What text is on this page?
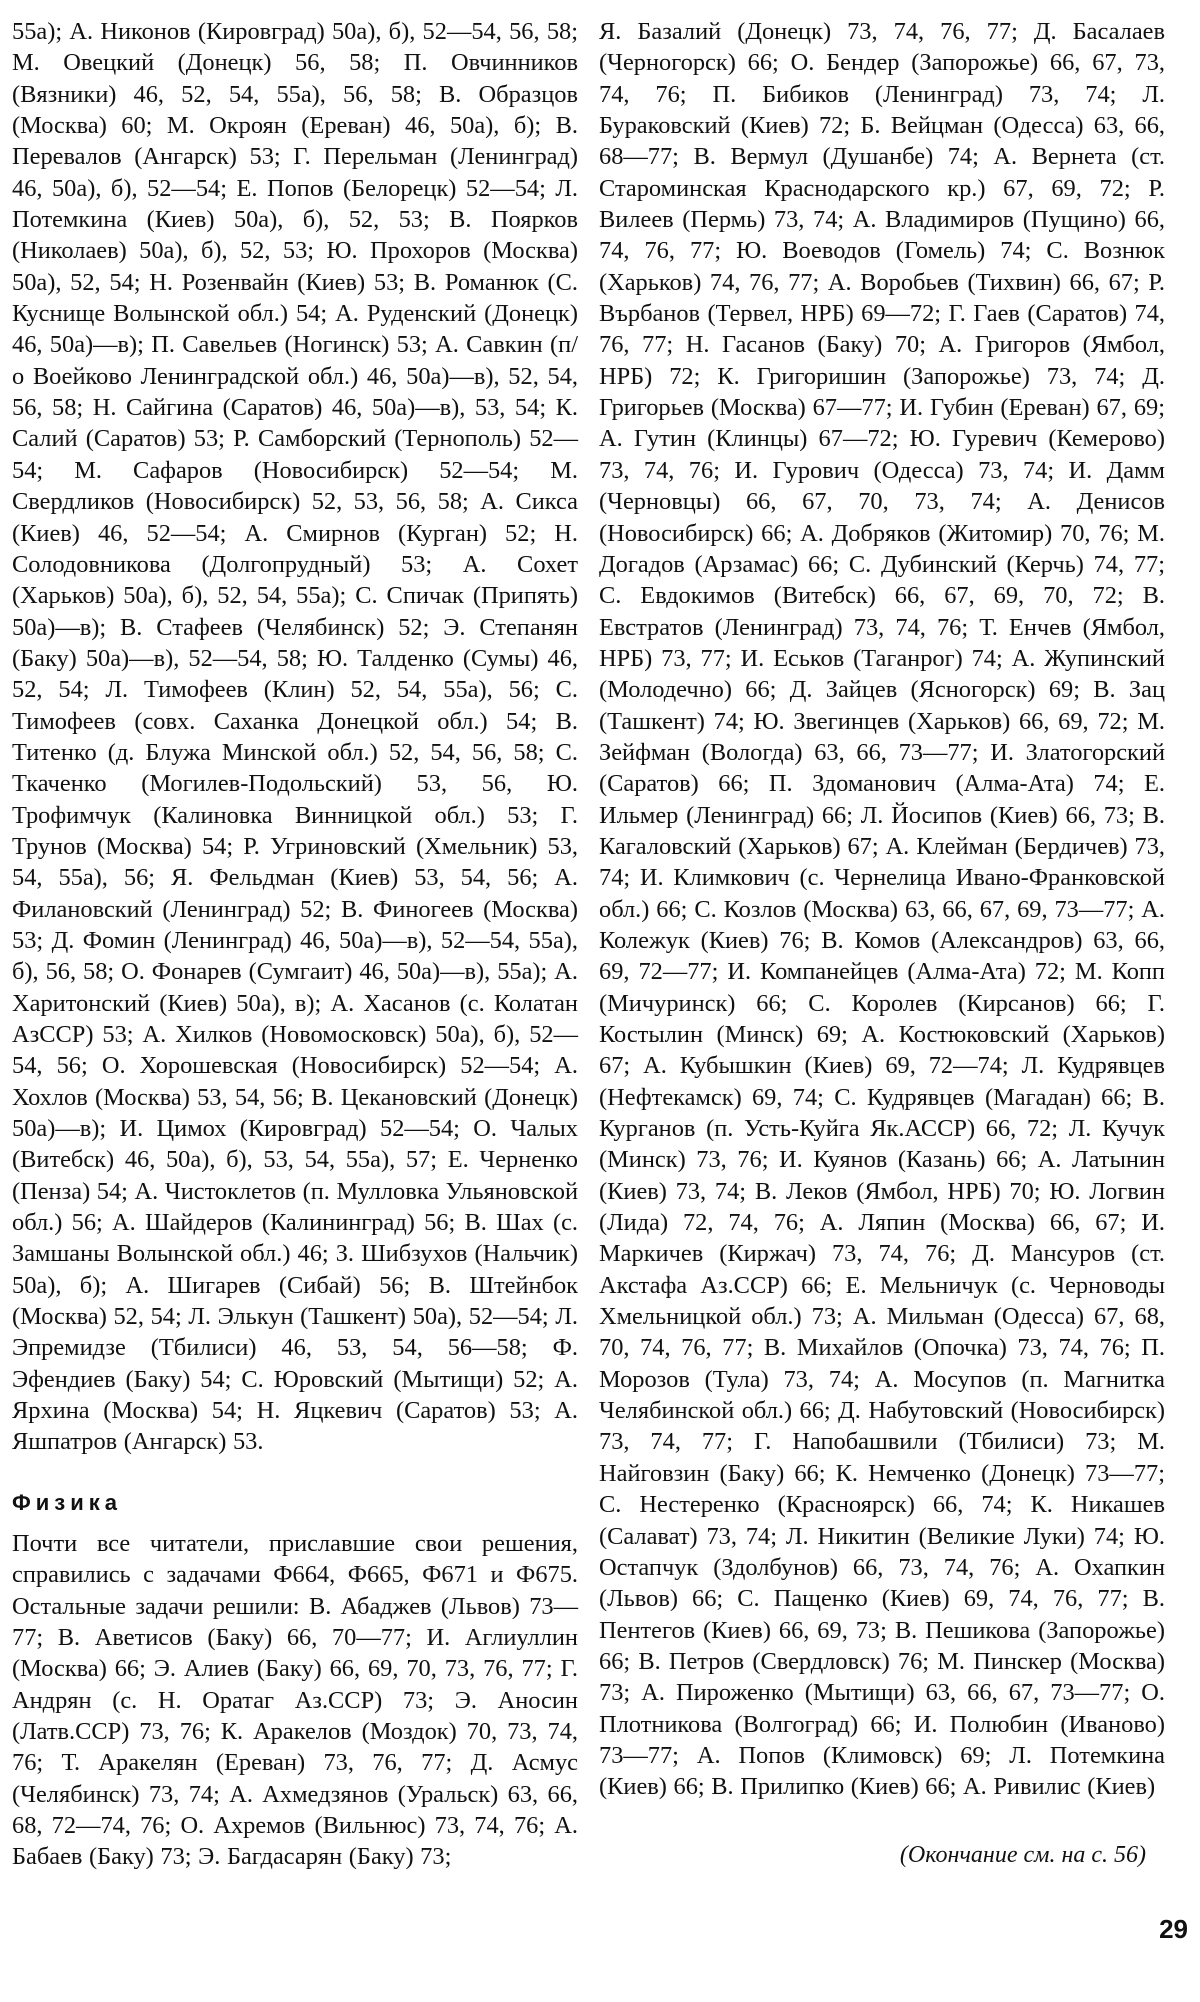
55а); А. Никонов (Кировград) 50а), б), 52—54, 56, 58; М. Овецкий (Донецк) 56, 58; П. Овчинников (Вязники) 46, 52, 54, 55а), 56, 58; В. Образцов (Москва) 60; М. Окроян (Ереван) 46, 50а), б); В. Перевалов (Ангарск) 53; Г. Перельман (Ленинград) 46, 50а), б), 52—54; Е. Попов (Белорецк) 52—54; Л. Потемкина (Киев) 50а), б), 52, 53; В. Поярков (Николаев) 50а), б), 52, 53; Ю. Прохоров (Москва) 50а), 52, 54; Н. Розенвайн (Киев) 53; В. Романюк (С. Куснище Волынской обл.) 54; А. Руденский (Донецк) 46, 50а)—в); П. Савельев (Ногинск) 53; А. Савкин (п/о Воейково Ленинградской обл.) 46, 50а)—в), 52, 54, 56, 58; Н. Сайгина (Саратов) 46, 50а)—в), 53, 54; К. Салий (Саратов) 53; Р. Самборский (Тернополь) 52—54; М. Сафаров (Новосибирск) 52—54; М. Свердликов (Новосибирск) 52, 53, 56, 58; А. Сикса (Киев) 46, 52—54; А. Смирнов (Курган) 52; Н. Солодовникова (Долгопрудный) 53; А. Сохет (Харьков) 50а), б), 52, 54, 55а); С. Спичак (Припять) 50а)—в); В. Стафеев (Челябинск) 52; Э. Степанян (Баку) 50а)—в), 52—54, 58; Ю. Талденко (Сумы) 46, 52, 54; Л. Тимофеев (Клин) 52, 54, 55а), 56; С. Тимофеев (совх. Саханка Донецкой обл.) 54; В. Титенко (д. Блужа Минской обл.) 52, 54, 56, 58; С. Ткаченко (Могилев-Подольский) 53, 56, Ю. Трофимчук (Калиновка Винницкой обл.) 53; Г. Трунов (Москва) 54; Р. Угриновский (Хмельник) 53, 54, 55а), 56; Я. Фельдман (Киев) 53, 54, 56; А. Филановский (Ленинград) 52; В. Финогеев (Москва) 53; Д. Фомин (Ленинград) 46, 50а)—в), 52—54, 55а), б), 56, 58; О. Фонарев (Сумгаит) 46, 50а)—в), 55а); А. Харитонский (Киев) 50а), в); А. Хасанов (с. Колатан АзССР) 53; А. Хилков (Новомосковск) 50а), б), 52—54, 56; О. Хорошевская (Новосибирск) 52—54; А. Хохлов (Москва) 53, 54, 56; В. Цекановский (Донецк) 50а)—в); И. Цимох (Кировград) 52—54; О. Чалых (Витебск) 46, 50а), б), 53, 54, 55а), 57; Е. Черненко (Пенза) 54; А. Чистоклетов (п. Мулловка Ульяновской обл.) 56; А. Шайдеров (Калининград) 56; В. Шах (с. Замшаны Волынской обл.) 46; З. Шибзухов (Нальчик) 50а), б); А. Шигарев (Сибай) 56; В. Штейнбок (Москва) 52, 54; Л. Элькун (Ташкент) 50а), 52—54; Л. Эпремидзе (Тбилиси) 46, 53, 54, 56—58; Ф. Эфендиев (Баку) 54; С. Юровский (Мытищи) 52; А. Ярхина (Москва) 54; Н. Яцкевич (Саратов) 53; А. Яшпатров (Ангарск) 53.

Физика

Почти все читатели, приславшие свои решения, справились с задачами Ф664, Ф665, Ф671 и Ф675. Остальные задачи решили: В. Абаджев (Львов) 73—77; В. Аветисов (Баку) 66, 70—77; И. Аглиуллин (Москва) 66; Э. Алиев (Баку) 66, 69, 70, 73, 76, 77; Г. Андрян (с. Н. Оратаг Аз.ССР) 73; Э. Аносин (Латв.ССР) 73, 76; К. Аракелов (Моздок) 70, 73, 74, 76; Т. Аракелян (Ереван) 73, 76, 77; Д. Асмус (Челябинск) 73, 74; А. Ахмедзянов (Уральск) 63, 66, 68, 72—74, 76; О. Ахремов (Вильнюс) 73, 74, 76; А. Бабаев (Баку) 73; Э. Багдасарян (Баку) 73;

Я. Базалий (Донецк) 73, 74, 76, 77; Д. Басалаев (Черногорск) 66; О. Бендер (Запорожье) 66, 67, 73, 74, 76; П. Бибиков (Ленинград) 73, 74; Л. Бураковский (Киев) 72; Б. Вейцман (Одесса) 63, 66, 68—77; В. Вермул (Душанбе) 74; А. Вернета (ст. Староминская Краснодарского кр.) 67, 69, 72; Р. Вилеев (Пермь) 73, 74; А. Владимиров (Пущино) 66, 74, 76, 77; Ю. Воеводов (Гомель) 74; С. Вознюк (Харьков) 74, 76, 77; А. Воробьев (Тихвин) 66, 67; Р. Върбанов (Тервел, НРБ) 69—72; Г. Гаев (Саратов) 74, 76, 77; Н. Гасанов (Баку) 70; А. Григоров (Ямбол, НРБ) 72; К. Григоришин (Запорожье) 73, 74; Д. Григорьев (Москва) 67—77; И. Губин (Ереван) 67, 69; А. Гутин (Клинцы) 67—72; Ю. Гуревич (Кемерово) 73, 74, 76; И. Гурович (Одесса) 73, 74; И. Дамм (Черновцы) 66, 67, 70, 73, 74; А. Денисов (Новосибирск) 66; А. Добряков (Житомир) 70, 76; М. Догадов (Арзамас) 66; С. Дубинский (Керчь) 74, 77; С. Евдокимов (Витебск) 66, 67, 69, 70, 72; В. Евстратов (Ленинград) 73, 74, 76; Т. Енчев (Ямбол, НРБ) 73, 77; И. Еськов (Таганрог) 74; А. Жупинский (Молодечно) 66; Д. Зайцев (Ясногорск) 69; В. Зац (Ташкент) 74; Ю. Звегинцев (Харьков) 66, 69, 72; М. Зейфман (Вологда) 63, 66, 73—77; И. Златогорский (Саратов) 66; П. Здоманович (Алма-Ата) 74; Е. Ильмер (Ленинград) 66; Л. Йосипов (Киев) 66, 73; В. Кагаловский (Харьков) 67; А. Клейман (Бердичев) 73, 74; И. Климкович (с. Чернелица Ивано-Франковской обл.) 66; С. Козлов (Москва) 63, 66, 67, 69, 73—77; А. Колежук (Киев) 76; В. Комов (Александров) 63, 66, 69, 72—77; И. Компанейцев (Алма-Ата) 72; М. Копп (Мичуринск) 66; С. Королев (Кирсанов) 66; Г. Костылин (Минск) 69; А. Костюковский (Харьков) 67; А. Кубышкин (Киев) 69, 72—74; Л. Кудрявцев (Нефтекамск) 69, 74; С. Кудрявцев (Магадан) 66; В. Курганов (п. Усть-Куйга Як.АССР) 66, 72; Л. Кучук (Минск) 73, 76; И. Куянов (Казань) 66; А. Латынин (Киев) 73, 74; В. Леков (Ямбол, НРБ) 70; Ю. Логвин (Лида) 72, 74, 76; А. Ляпин (Москва) 66, 67; И. Маркичев (Киржач) 73, 74, 76; Д. Мансуров (ст. Акстафа Аз.ССР) 66; Е. Мельничук (с. Черноводы Хмельницкой обл.) 73; А. Мильман (Одесса) 67, 68, 70, 74, 76, 77; В. Михайлов (Опочка) 73, 74, 76; П. Морозов (Тула) 73, 74; А. Мосупов (п. Магнитка Челябинской обл.) 66; Д. Набутовский (Новосибирск) 73, 74, 77; Г. Напобашвили (Тбилиси) 73; М. Найговзин (Баку) 66; К. Немченко (Донецк) 73—77; С. Нестеренко (Красноярск) 66, 74; К. Никашев (Салават) 73, 74; Л. Никитин (Великие Луки) 74; Ю. Остапчук (Здолбунов) 66, 73, 74, 76; А. Охапкин (Львов) 66; С. Пащенко (Киев) 69, 74, 76, 77; В. Пентегов (Киев) 66, 69, 73; В. Пешикова (Запорожье) 66; В. Петров (Свердловск) 76; М. Пинскер (Москва) 73; А. Пироженко (Мытищи) 63, 66, 67, 73—77; О. Плотникова (Волгоград) 66; И. Полюбин (Иваново) 73—77; А. Попов (Климовск) 69; Л. Потемкина (Киев) 66; В. Прилипко (Киев) 66; А. Ривилис (Киев)

(Окончание см. на с. 56)
29
